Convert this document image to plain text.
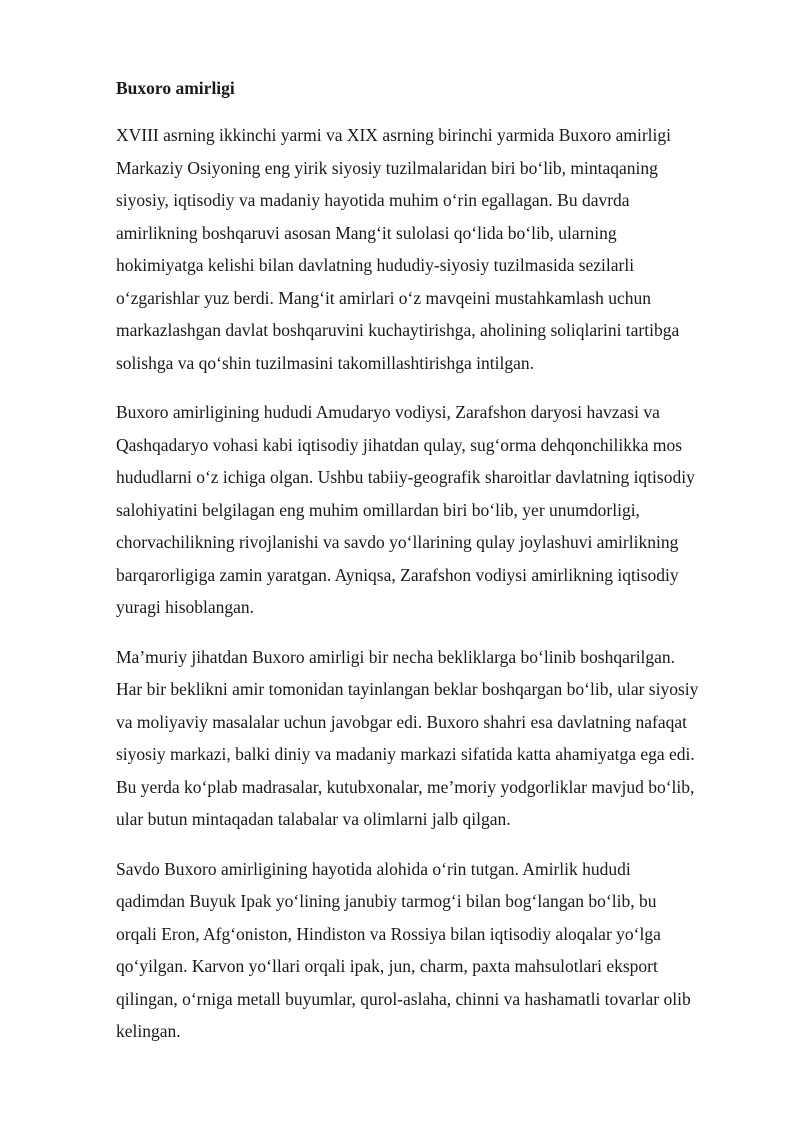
Buxoro amirligi
XVIII asrning ikkinchi yarmi va XIX asrning birinchi yarmida Buxoro amirligi
Markaziy Osiyoning eng yirik siyosiy tuzilmalaridan biri boʻlib, mintaqaning
siyosiy, iqtisodiy va madaniy hayotida muhim oʻrin egallagan. Bu davrda
amirlikning boshqaruvi asosan Mangʻit sulolasi qoʻlida boʻlib, ularning
hokimiyatga kelishi bilan davlatning hududiy-siyosiy tuzilmasida sezilarli
oʻzgarishlar yuz berdi. Mangʻit amirlari oʻz mavqeini mustahkamlash uchun
markazlashgan davlat boshqaruvini kuchaytirishga, aholining soliqlarini tartibga
solishga va qoʻshin tuzilmasini takomillashtirishga intilgan.
Buxoro amirligining hududi Amudaryo vodiysi, Zarafshon daryosi havzasi va
Qashqadaryo vohasi kabi iqtisodiy jihatdan qulay, sugʻorma dehqonchilikka mos
hududlarni oʻz ichiga olgan. Ushbu tabiiy-geografik sharoitlar davlatning iqtisodiy
salohiyatini belgilagan eng muhim omillardan biri boʻlib, yer unumdorligi,
chorvachilikning rivojlanishi va savdo yoʻllarining qulay joylashuvi amirlikning
barqarorligiga zamin yaratgan. Ayniqsa, Zarafshon vodiysi amirlikning iqtisodiy
yuragi hisoblangan.
Maʼmuriy jihatdan Buxoro amirligi bir necha bekliklarga boʻlinib boshqarilgan.
Har bir beklikni amir tomonidan tayinlangan beklar boshqargan boʻlib, ular siyosiy
va moliyaviy masalalar uchun javobgar edi. Buxoro shahri esa davlatning nafaqat
siyosiy markazi, balki diniy va madaniy markazi sifatida katta ahamiyatga ega edi.
Bu yerda koʻplab madrasalar, kutubxonalar, meʼmoriy yodgorliklar mavjud boʻlib,
ular butun mintaqadan talabalar va olimlarni jalb qilgan.
Savdo Buxoro amirligining hayotida alohida oʻrin tutgan. Amirlik hududi
qadimdan Buyuk Ipak yoʻlining janubiy tarmogʻi bilan bogʻlangan boʻlib, bu
orqali Eron, Afgʻoniston, Hindiston va Rossiya bilan iqtisodiy aloqalar yoʻlga
qoʻyilgan. Karvon yoʻllari orqali ipak, jun, charm, paxta mahsulotlari eksport
qilingan, oʻrniga metall buyumlar, qurol-aslaha, chinni va hashamatli tovarlar olib
kelingan.
